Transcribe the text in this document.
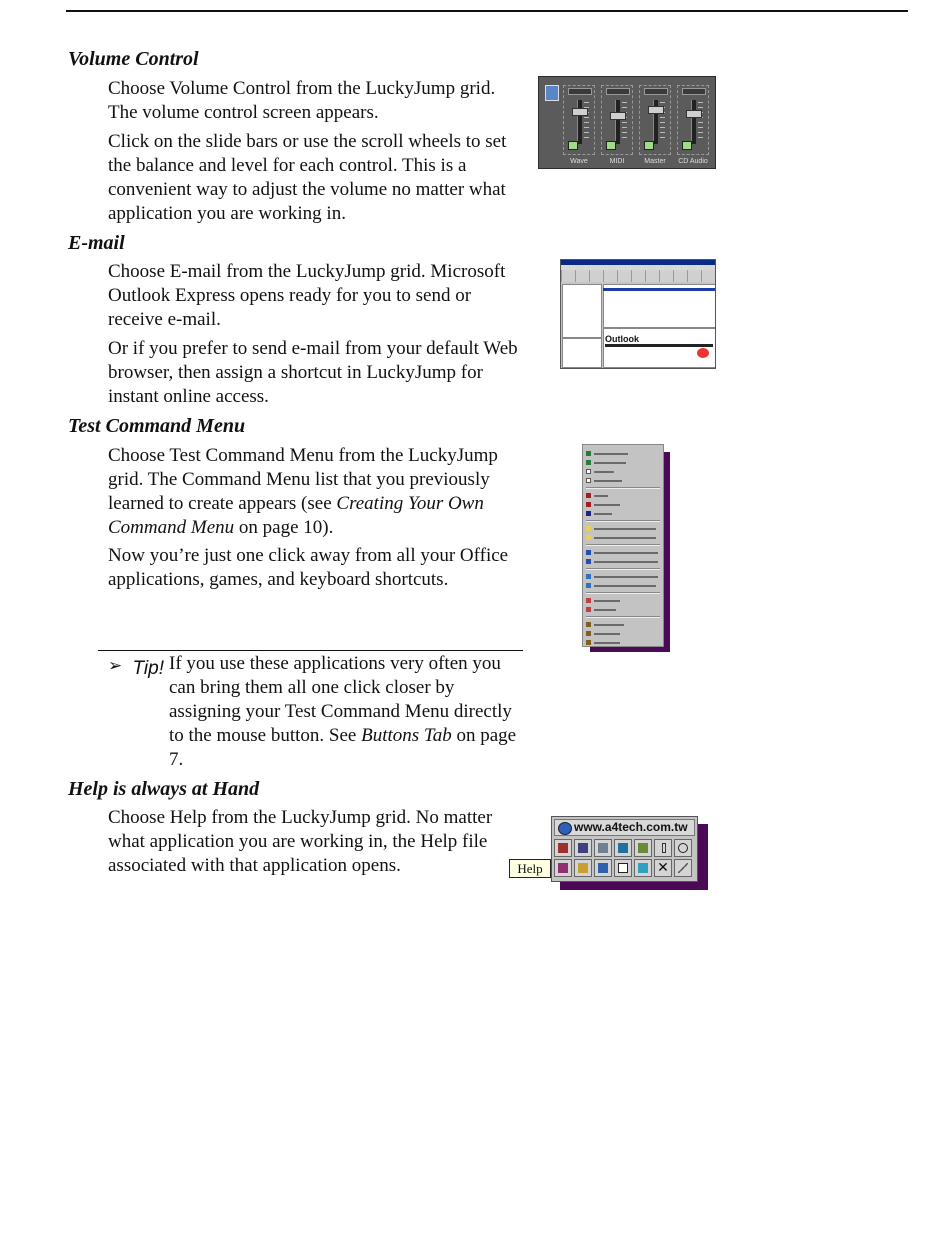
Volume Control

Choose Volume Control from the LuckyJump grid. The volume control screen appears.

Click on the slide bars or use the scroll wheels to set the balance and level for each control. This is a convenient way to adjust the volume no matter what application you are working in.

Wave	MIDI	Master	CD Audio
E-mail

Choose E-mail from the LuckyJump grid. Microsoft Outlook Express opens ready for you to send or receive e-mail.

Or if you prefer to send e-mail from your default Web browser, then assign a shortcut in LuckyJump for instant online access.

Outlook
Test Command Menu

Choose Test Command Menu from the LuckyJump grid. The Command Menu list that you previously learned to create appears (see Creating Your Own Command Menu on page 10).

Now you’re just one click away from all your Office applications, games, and keyboard shortcuts.

➢ Tip! If you use these applications very often you can bring them all one click closer by assigning your Test Command Menu directly to the mouse button. See Buttons Tab on page 7.

Help is always at Hand

Choose Help from the LuckyJump grid. No matter what application you are working in, the Help file associated with that application opens.

www.a4tech.com.tw
✕
Help
